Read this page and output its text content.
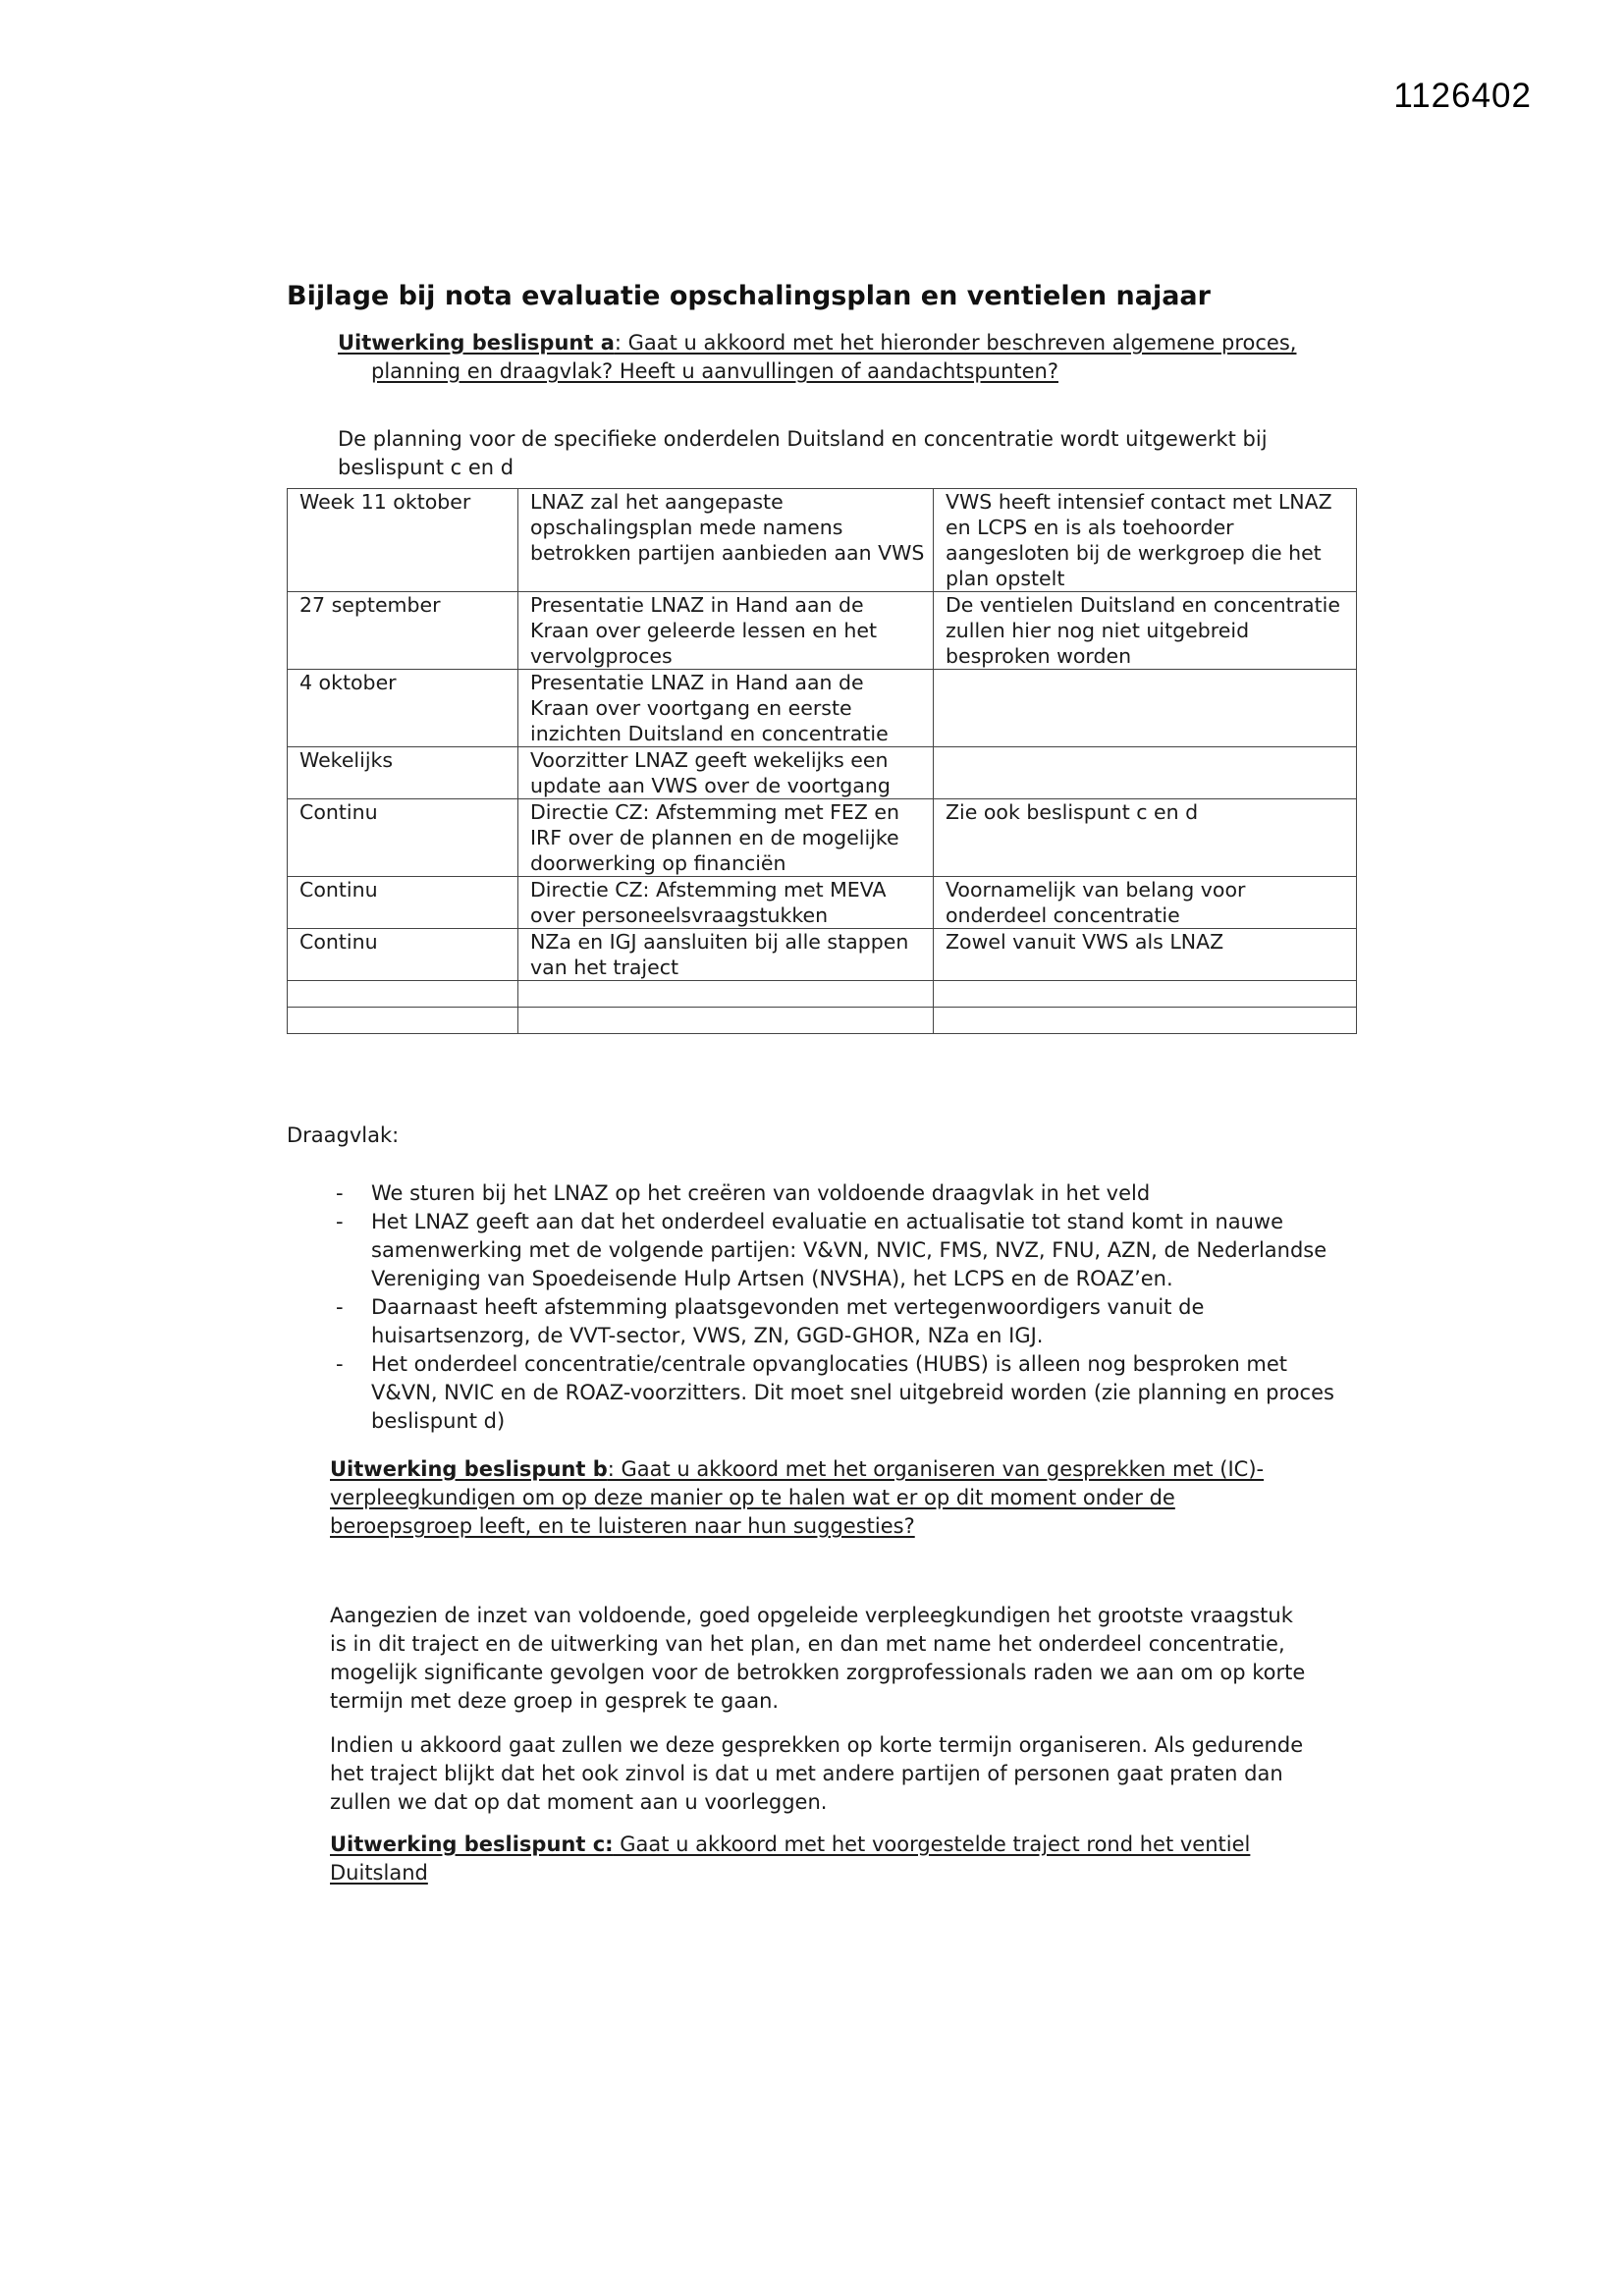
1126402
Bijlage bij nota evaluatie opschalingsplan en ventielen najaar

Uitwerking beslispunt a: Gaat u akkoord met het hieronder beschreven algemene proces, planning en draagvlak? Heeft u aanvullingen of aandachtspunten?

De planning voor de specifieke onderdelen Duitsland en concentratie wordt uitgewerkt bij beslispunt c en d

Week 11 oktober	LNAZ zal het aangepaste opschalingsplan mede namens betrokken partijen aanbieden aan VWS	VWS heeft intensief contact met LNAZ en LCPS en is als toehoorder aangesloten bij de werkgroep die het plan opstelt
27 september	Presentatie LNAZ in Hand aan de Kraan over geleerde lessen en het vervolgproces	De ventielen Duitsland en concentratie zullen hier nog niet uitgebreid besproken worden
4 oktober	Presentatie LNAZ in Hand aan de Kraan over voortgang en eerste inzichten Duitsland en concentratie	
Wekelijks	Voorzitter LNAZ geeft wekelijks een update aan VWS over de voortgang	
Continu	Directie CZ: Afstemming met FEZ en IRF over de plannen en de mogelijke doorwerking op financiën	Zie ook beslispunt c en d
Continu	Directie CZ: Afstemming met MEVA over personeelsvraagstukken	Voornamelijk van belang voor onderdeel concentratie
Continu	NZa en IGJ aansluiten bij alle stappen van het traject	Zowel vanuit VWS als LNAZ

Draagvlak:

- We sturen bij het LNAZ op het creëren van voldoende draagvlak in het veld
- Het LNAZ geeft aan dat het onderdeel evaluatie en actualisatie tot stand komt in nauwe samenwerking met de volgende partijen: V&VN, NVIC, FMS, NVZ, FNU, AZN, de Nederlandse Vereniging van Spoedeisende Hulp Artsen (NVSHA), het LCPS en de ROAZ’en.
- Daarnaast heeft afstemming plaatsgevonden met vertegenwoordigers vanuit de huisartsenzorg, de VVT-sector, VWS, ZN, GGD-GHOR, NZa en IGJ.
- Het onderdeel concentratie/centrale opvanglocaties (HUBS) is alleen nog besproken met V&VN, NVIC en de ROAZ-voorzitters. Dit moet snel uitgebreid worden (zie planning en proces beslispunt d)

Uitwerking beslispunt b: Gaat u akkoord met het organiseren van gesprekken met (IC)-verpleegkundigen om op deze manier op te halen wat er op dit moment onder de beroepsgroep leeft, en te luisteren naar hun suggesties?

Aangezien de inzet van voldoende, goed opgeleide verpleegkundigen het grootste vraagstuk is in dit traject en de uitwerking van het plan, en dan met name het onderdeel concentratie, mogelijk significante gevolgen voor de betrokken zorgprofessionals raden we aan om op korte termijn met deze groep in gesprek te gaan.

Indien u akkoord gaat zullen we deze gesprekken op korte termijn organiseren. Als gedurende het traject blijkt dat het ook zinvol is dat u met andere partijen of personen gaat praten dan zullen we dat op dat moment aan u voorleggen.

Uitwerking beslispunt c: Gaat u akkoord met het voorgestelde traject rond het ventiel Duitsland
